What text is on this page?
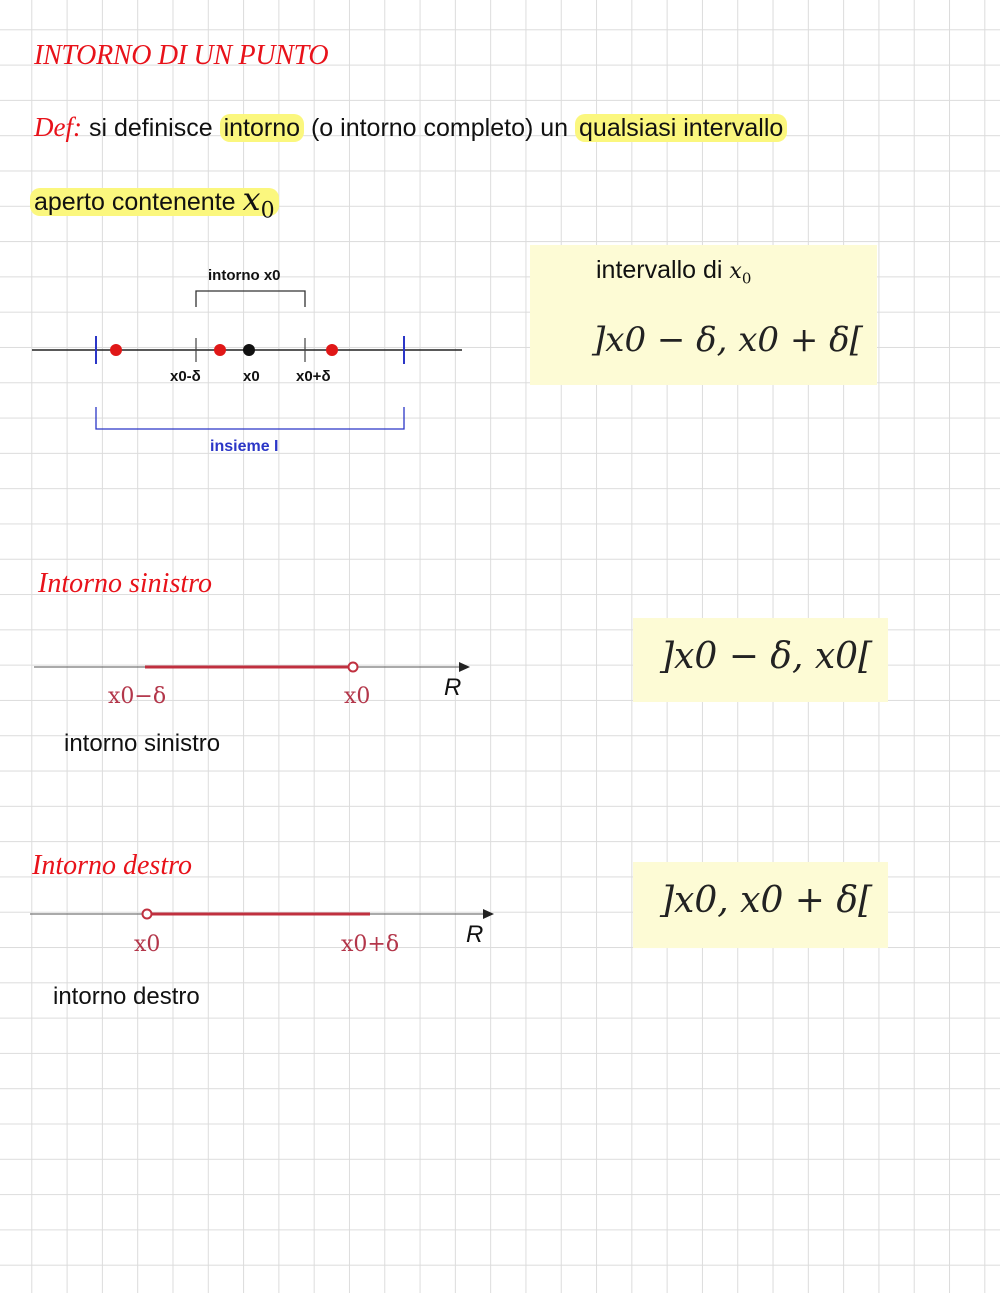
INTORNO DI UN PUNTO
Def: si definisce intorno (o intorno completo) un qualsiasi intervallo
aperto contenente $x_0$
intervallo di $x_0$
]x0 − δ, x0 + δ[
]x0 − δ, x0[
]x0, x0 + δ[
Intorno sinistro
Intorno destro
intorno sinistro
intorno destro
intorno x0
x0-δ	x0 x0+δ
insieme I
x0−δ	x0	R
x0	x0+δ	R
